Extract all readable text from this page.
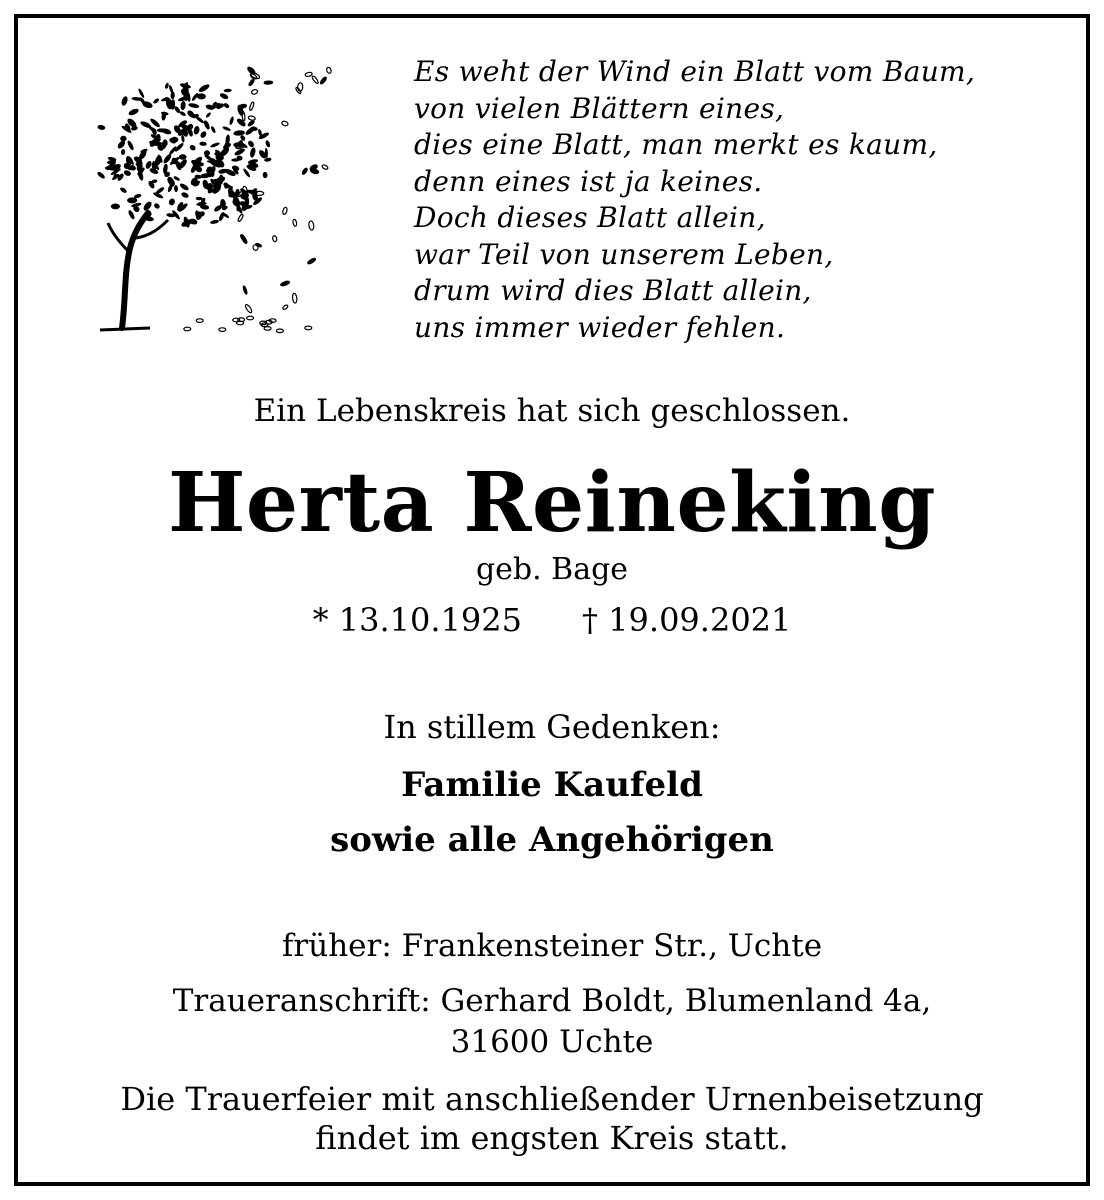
Es weht der Wind ein Blatt vom Baum,
von vielen Blättern eines,
dies eine Blatt, man merkt es kaum,
denn eines ist ja keines.
Doch dieses Blatt allein,
war Teil von unserem Leben,
drum wird dies Blatt allein,
uns immer wieder fehlen.
Ein Lebenskreis hat sich geschlossen.
Herta Reineking
geb. Bage
* 13.10.1925 † 19.09.2021
In stillem Gedenken:
Familie Kaufeld
sowie alle Angehörigen
früher: Frankensteiner Str., Uchte
Traueranschrift: Gerhard Boldt, Blumenland 4a,
31600 Uchte
Die Trauerfeier mit anschließender Urnenbeisetzung
findet im engsten Kreis statt.
